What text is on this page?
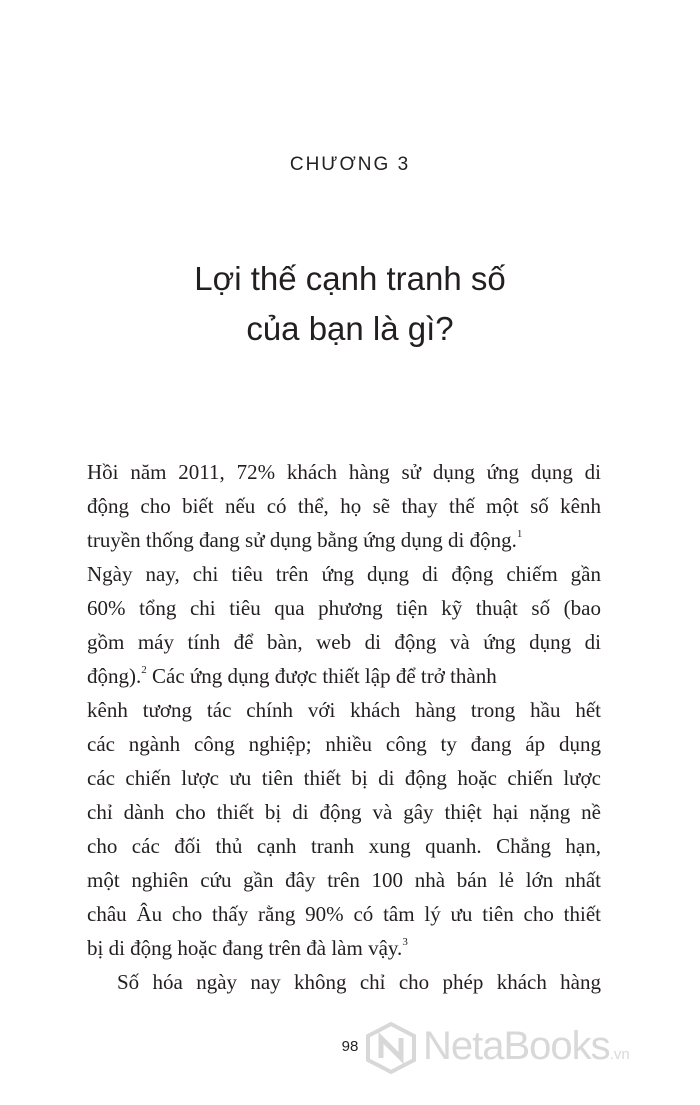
CHƯƠNG 3
Lợi thế cạnh tranh số
của bạn là gì?
Hồi năm 2011, 72% khách hàng sử dụng ứng dụng di
động cho biết nếu có thể, họ sẽ thay thế một số kênh
truyền thống đang sử dụng bằng ứng dụng di động.$^1$
Ngày nay, chi tiêu trên ứng dụng di động chiếm gần
60% tổng chi tiêu qua phương tiện kỹ thuật số (bao
gồm máy tính để bàn, web di động và ứng dụng di
động).$^2$ Các ứng dụng được thiết lập để trở thành
kênh tương tác chính với khách hàng trong hầu hết
các ngành công nghiệp; nhiều công ty đang áp dụng
các chiến lược ưu tiên thiết bị di động hoặc chiến lược
chỉ dành cho thiết bị di động và gây thiệt hại nặng nề
cho các đối thủ cạnh tranh xung quanh. Chẳng hạn,
một nghiên cứu gần đây trên 100 nhà bán lẻ lớn nhất
châu Âu cho thấy rằng 90% có tâm lý ưu tiên cho thiết
bị di động hoặc đang trên đà làm vậy.$^3$
Số hóa ngày nay không chỉ cho phép khách hàng
98	NetaBooks.vn
